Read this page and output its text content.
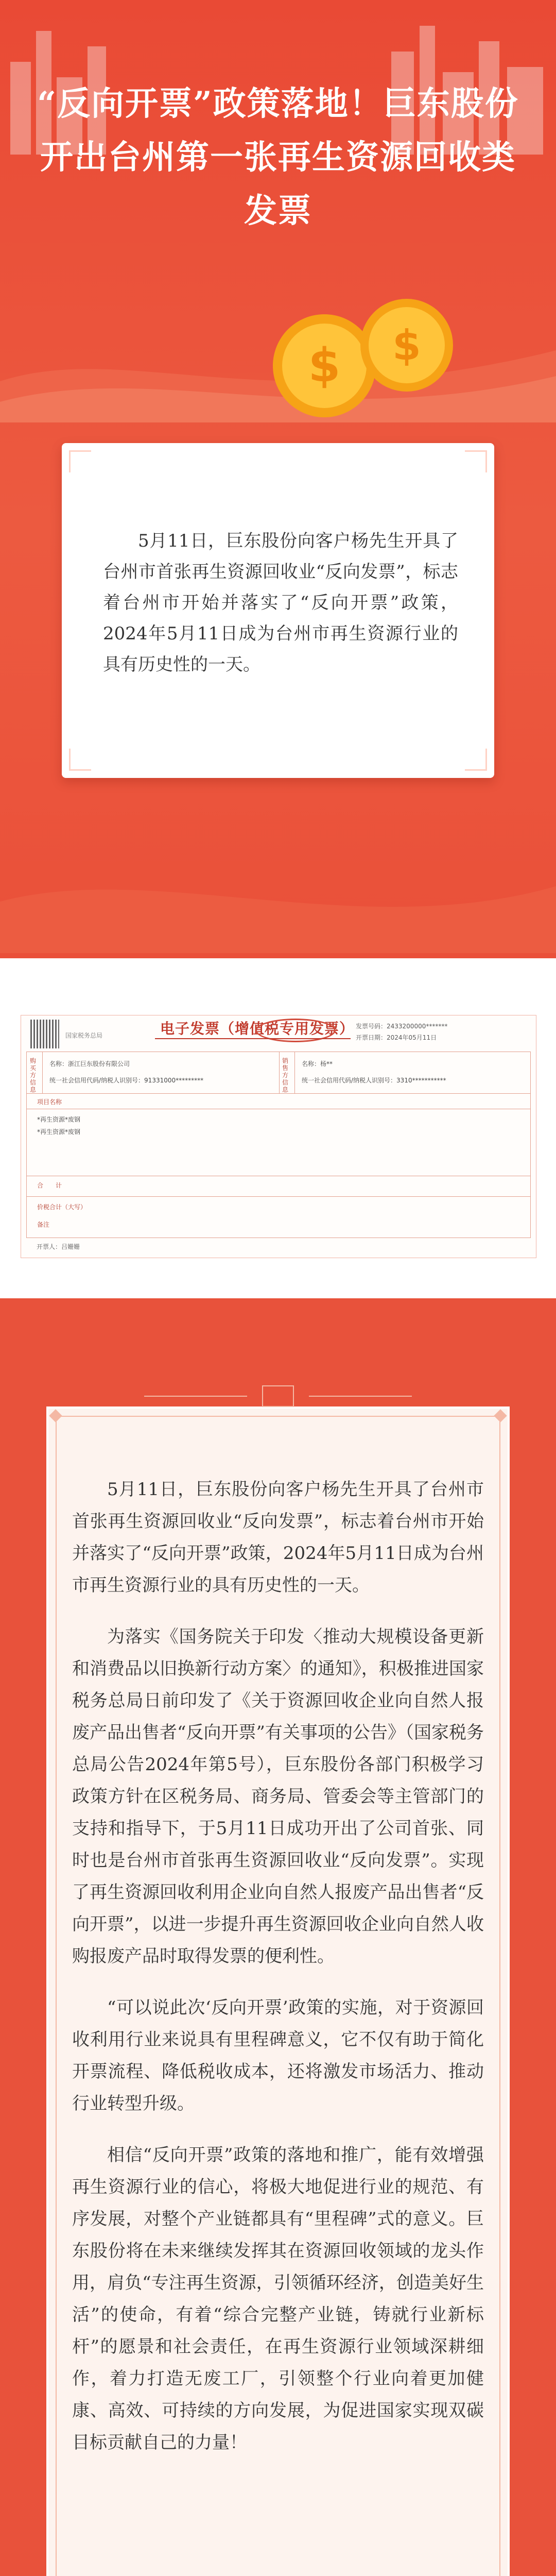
“反向开票”政策落地！巨东股份开出台州第一张再生资源回收类发票
$ $

5月11日，巨东股份向客户杨先生开具了台州市首张再生资源回收业“反向发票”，标志着台州市开始并落实了“反向开票”政策，2024年5月11日成为台州市再生资源行业的具有历史性的一天。

国家税务总局	电子发票（增值税专用发票） 发票号码：2433200000*******
开票日期：2024年05月11日
购买方信息
名称：浙江巨东股份有限公司
统一社会信用代码/纳税人识别号：91331000*********
销售方信息
名称：杨**
统一社会信用代码/纳税人识别号：3310***********
项目名称
*再生资源*废钢
*再生资源*废钢
合　　计
价税合计（大写）
备注
开票人：吕姗姗

5月11日，巨东股份向客户杨先生开具了台州市首张再生资源回收业“反向发票”，标志着台州市开始并落实了“反向开票”政策，2024年5月11日成为台州市再生资源行业的具有历史性的一天。

为落实《国务院关于印发〈推动大规模设备更新和消费品以旧换新行动方案〉的通知》，积极推进国家税务总局日前印发了《关于资源回收企业向自然人报废产品出售者“反向开票”有关事项的公告》（国家税务总局公告2024年第5号），巨东股份各部门积极学习政策方针在区税务局、商务局、管委会等主管部门的支持和指导下，于5月11日成功开出了公司首张、同时也是台州市首张再生资源回收业“反向发票”。实现了再生资源回收利用企业向自然人报废产品出售者“反向开票”，以进一步提升再生资源回收企业向自然人收购报废产品时取得发票的便利性。

“可以说此次‘反向开票’政策的实施，对于资源回收利用行业来说具有里程碑意义，它不仅有助于简化开票流程、降低税收成本，还将激发市场活力、推动行业转型升级。

相信“反向开票”政策的落地和推广，能有效增强再生资源行业的信心，将极大地促进行业的规范、有序发展，对整个产业链都具有“里程碑”式的意义。巨东股份将在未来继续发挥其在资源回收领域的龙头作用，肩负“专注再生资源，引领循环经济，创造美好生活”的使命，有着“综合完整产业链，铸就行业新标杆”的愿景和社会责任，在再生资源行业领域深耕细作，着力打造无废工厂，引领整个行业向着更加健康、高效、可持续的方向发展，为促进国家实现双碳目标贡献自己的力量！
